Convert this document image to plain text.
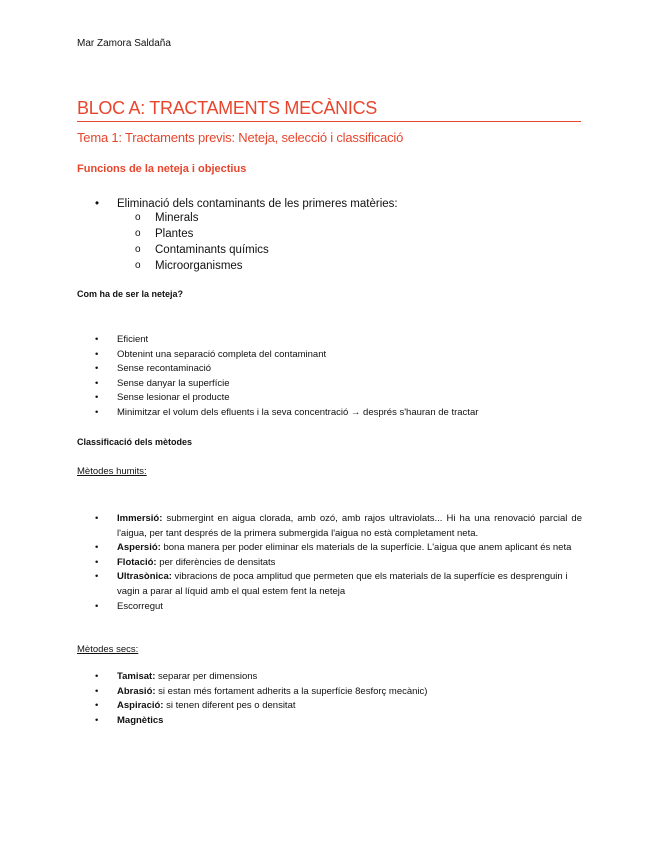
Mar Zamora Saldaña
BLOC A: TRACTAMENTS MECÀNICS
Tema 1: Tractaments previs: Neteja, selecció i classificació
Funcions de la neteja i objectius
• Eliminació dels contaminants de les primeres matèries:
o Minerals
o Plantes
o Contaminants químics
o Microorganismes
Com ha de ser la neteja?
• Eficient
• Obtenint una separació completa del contaminant
• Sense recontaminació
• Sense danyar la superfície
• Sense lesionar el producte
• Minimitzar el volum dels efluents i la seva concentració → després s'hauran de tractar
Classificació dels mètodes
Mètodes humits:
• Immersió: submergint en aigua clorada, amb ozó, amb rajos ultraviolats... Hi ha una renovació parcial de l'aigua, per tant després de la primera submergida l'aigua no està completament neta.
• Aspersió: bona manera per poder eliminar els materials de la superfície. L'aigua que anem aplicant és neta
• Flotació: per diferències de densitats
• Ultrasònica: vibracions de poca amplitud que permeten que els materials de la superfície es desprenguin i vagin a parar al líquid amb el qual estem fent la neteja
• Escorregut
Mètodes secs:
• Tamisat: separar per dimensions
• Abrasió: si estan més fortament adherits a la superfície 8esforç mecànic)
• Aspiració: si tenen diferent pes o densitat
• Magnètics
